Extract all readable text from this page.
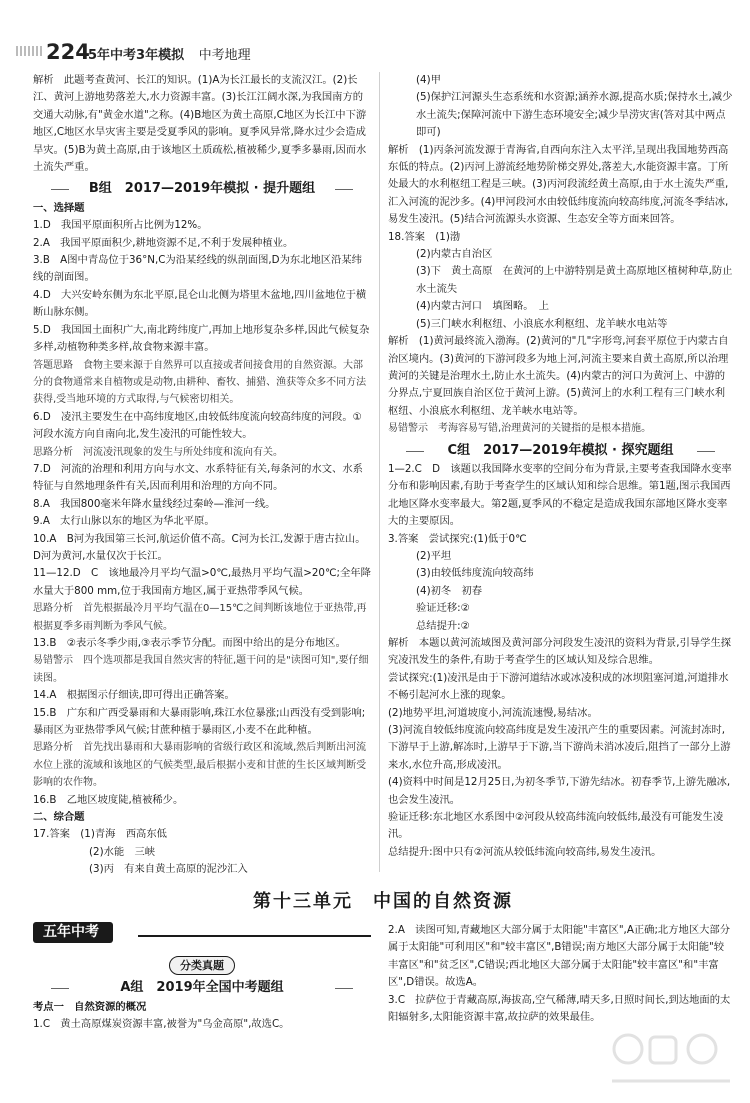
224
5年中考3年模拟 中考地理

解析　此题考查黄河、长江的知识。(1)A为长江最长的支流汉江。(2)长江、黄河上游地势落差大,水力资源丰富。(3)长江江阔水深,为我国南方的交通大动脉,有"黄金水道"之称。(4)B地区为黄土高原,C地区为长江中下游地区,C地区水旱灾害主要是受夏季风的影响。夏季风异常,降水过少会造成旱灾。(5)B为黄土高原,由于该地区土质疏松,植被稀少,夏季多暴雨,因而水土流失严重。

B组　2017—2019年模拟 · 提升题组

一、选择题

1.D　我国平原面积所占比例为12%。

2.A　我国平原面积少,耕地资源不足,不利于发展种植业。

3.B　A图中青岛位于36°N,C为沿某经线的纵剖面图,D为东北地区沿某纬线的剖面图。

4.D　大兴安岭东侧为东北平原,昆仑山北侧为塔里木盆地,四川盆地位于横断山脉东侧。

5.D　我国国土面积广大,南北跨纬度广,再加上地形复杂多样,因此气候复杂多样,动植物种类多样,故食物来源丰富。

答题思路　食物主要来源于自然界可以直接或者间接食用的自然资源。大部分的食物通常来自植物或是动物,由耕种、畜牧、捕猎、渔获等众多不同方法获得,受当地环境的方式取得,与气候密切相关。

6.D　凌汛主要发生在中高纬度地区,由较低纬度流向较高纬度的河段。①河段水流方向自南向北,发生凌汛的可能性较大。

思路分析　河流凌汛现象的发生与所处纬度和流向有关。

7.D　河流的治理和利用方向与水文、水系特征有关,每条河的水文、水系特征与自然地理条件有关,因而利用和治理的方向不同。

8.A　我国800毫米年降水量线经过秦岭—淮河一线。

9.A　太行山脉以东的地区为华北平原。

10.A　B河为我国第三长河,航运价值不高。C河为长江,发源于唐古拉山。D河为黄河,水量仅次于长江。

11—12.D　C　该地最冷月平均气温>0℃,最热月平均气温>20℃;全年降水量大于800 mm,位于我国南方地区,属于亚热带季风气候。

思路分析　首先根据最冷月平均气温在0—15℃之间判断该地位于亚热带,再根据夏季多雨判断为季风气候。

13.B　②表示冬季少雨,③表示季节分配。而图中给出的是分布地区。

易错警示　四个选项都是我国自然灾害的特征,题干问的是"读图可知",要仔细读图。

14.A　根据图示仔细读,即可得出正确答案。

15.B　广东和广西受暴雨和大暴雨影响,珠江水位暴涨;山西没有受到影响;暴雨区为亚热带季风气候;甘蔗种植于暴雨区,小麦不在此种植。

思路分析　首先找出暴雨和大暴雨影响的省级行政区和流域,然后判断出河流水位上涨的流域和该地区的气候类型,最后根据小麦和甘蔗的生长区域判断受影响的农作物。

16.B　乙地区坡度陡,植被稀少。

二、综合题

17.答案　(1)青海　西高东低

(2)水能　三峡

(3)丙　有来自黄土高原的泥沙汇入

(4)甲

(5)保护江河源头生态系统和水资源;涵养水源,提高水质;保持水土,减少水土流失;保障河流中下游生态环境安全;减少旱涝灾害(答对其中两点即可)

解析　(1)丙条河流发源于青海省,自西向东注入太平洋,呈现出我国地势西高东低的特点。(2)丙河上游流经地势阶梯交界处,落差大,水能资源丰富。丁所处最大的水利枢纽工程是三峡。(3)丙河段流经黄土高原,由于水土流失严重,汇入河流的泥沙多。(4)甲河段河水由较低纬度流向较高纬度,河流冬季结冰,易发生凌汛。(5)结合河流源头水资源、生态安全等方面来回答。

18.答案　(1)渤

(2)内蒙古自治区

(3)下　黄土高原　在黄河的上中游特别是黄土高原地区植树种草,防止水土流失

(4)内蒙古河口　填图略。　上

(5)三门峡水利枢纽、小浪底水利枢纽、龙羊峡水电站等

解析　(1)黄河最终流入渤海。(2)黄河的"几"字形弯,河套平原位于内蒙古自治区境内。(3)黄河的下游河段多为地上河,河流主要来自黄土高原,所以治理黄河的关键是治理水土,防止水土流失。(4)内蒙古的河口为黄河上、中游的分界点,宁夏回族自治区位于黄河上游。(5)黄河上的水利工程有三门峡水利枢纽、小浪底水利枢纽、龙羊峡水电站等。

易错警示　考海容易写错,治理黄河的关键指的是根本措施。

C组　2017—2019年模拟 · 探究题组

1—2.C　D　该题以我国降水变率的空间分布为背景,主要考查我国降水变率分布和影响因素,有助于考查学生的区域认知和综合思维。第1题,图示我国西北地区降水变率最大。第2题,夏季风的不稳定是造成我国东部地区降水变率大的主要原因。

3.答案　尝试探究:(1)低于0℃

(2)平坦

(3)由较低纬度流向较高纬

(4)初冬　初春

验证迁移:②

总结提升:②

解析　本题以黄河流域图及黄河部分河段发生凌汛的资料为背景,引导学生探究凌汛发生的条件,有助于考查学生的区域认知及综合思维。

尝试探究:(1)凌汛是由于下游河道结冰或冰凌积成的冰坝阻塞河道,河道排水不畅引起河水上涨的现象。

(2)地势平坦,河道坡度小,河流流速慢,易结冰。

(3)河流自较低纬度流向较高纬度是发生凌汛产生的重要因素。河流封冻时,下游早于上游,解冻时,上游早于下游,当下游尚未消冰凌后,阻挡了一部分上游来水,水位升高,形成凌汛。

(4)资料中时间是12月25日,为初冬季节,下游先结冰。初春季节,上游先融冰,也会发生凌汛。

验证迁移:东北地区水系图中②河段从较高纬流向较低纬,最没有可能发生凌汛。

总结提升:图中只有②河流从较低纬流向较高纬,易发生凌汛。

第十三单元　中国的自然资源
五年中考
分类真题
A组　2019年全国中考题组

考点一　自然资源的概况

1.C　黄土高原煤炭资源丰富,被誉为"乌金高原",故选C。

2.A　读图可知,青藏地区大部分属于太阳能"丰富区",A正确;北方地区大部分属于太阳能"可利用区"和"较丰富区",B错误;南方地区大部分属于太阳能"较丰富区"和"贫乏区",C错误;西北地区大部分属于太阳能"较丰富区"和"丰富区",D错误。故选A。

3.C　拉萨位于青藏高原,海拔高,空气稀薄,晴天多,日照时间长,到达地面的太阳辐射多,太阳能资源丰富,故拉萨的效果最佳。
